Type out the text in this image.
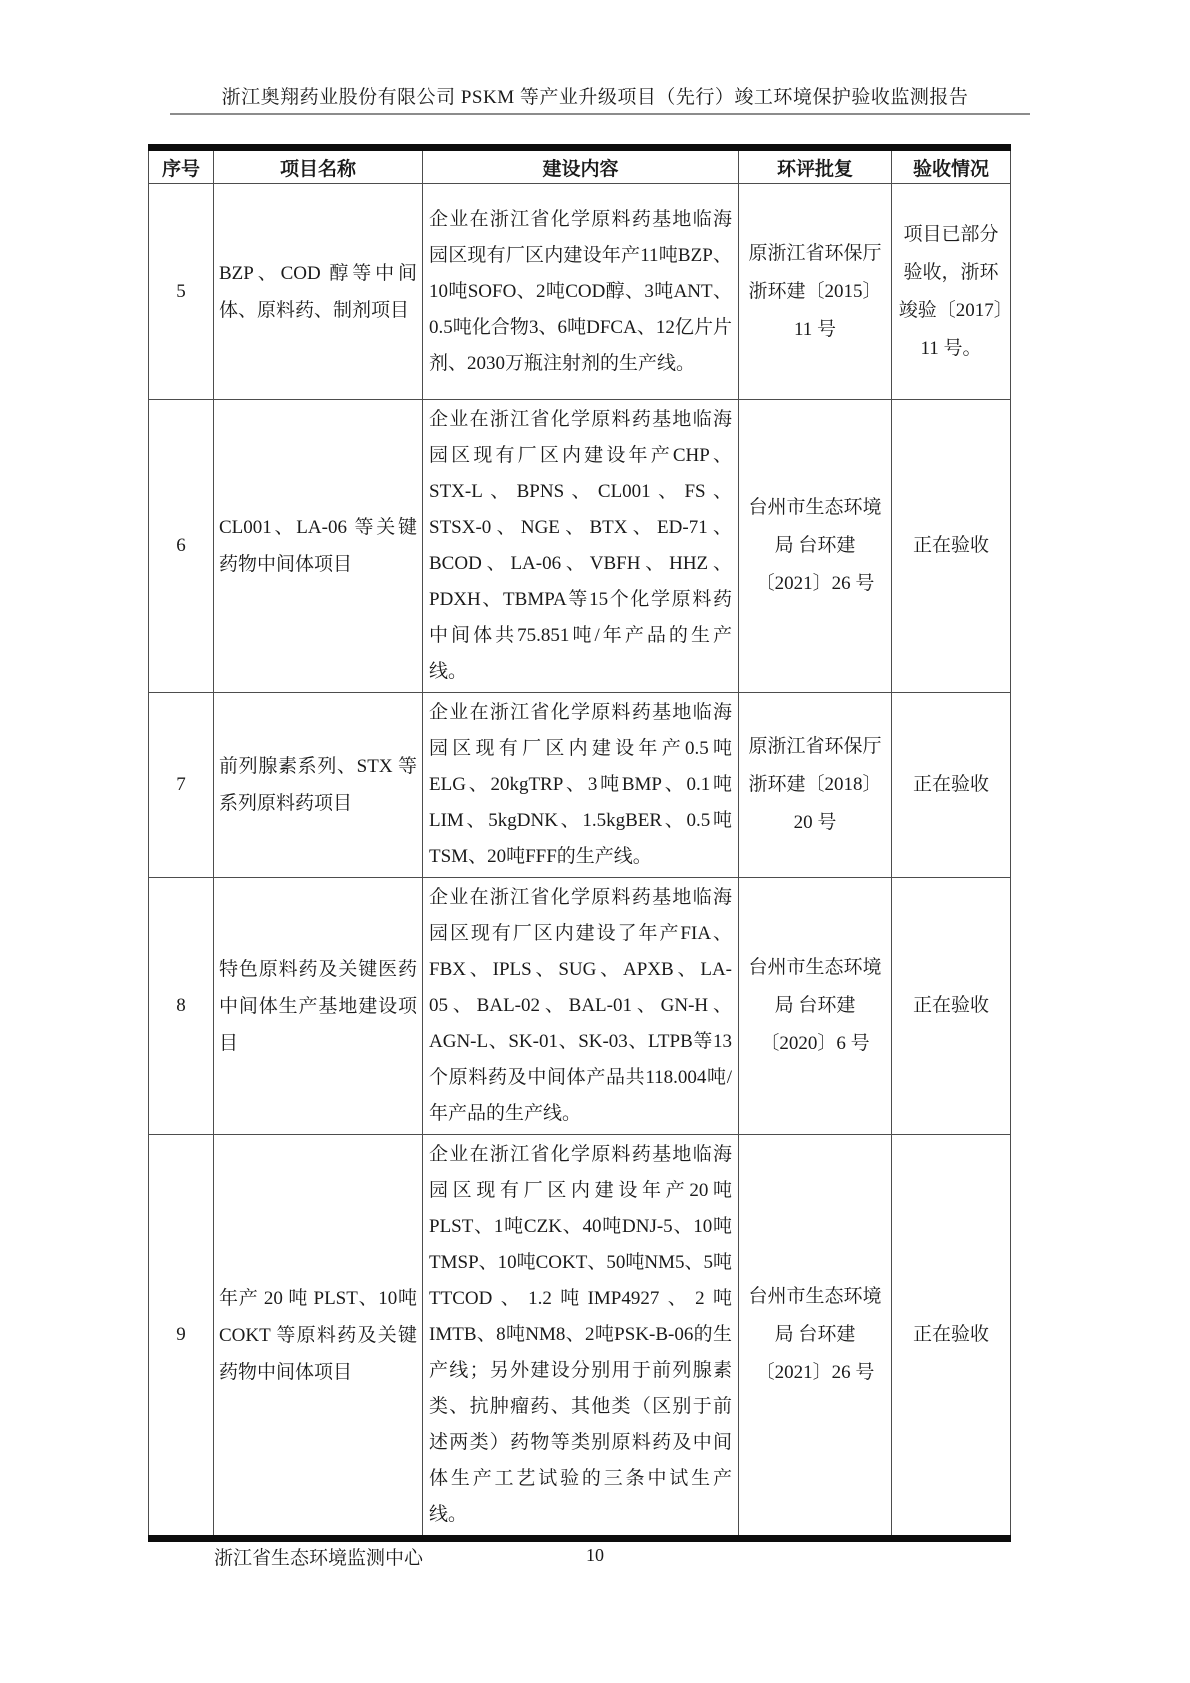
浙江奥翔药业股份有限公司 PSKM 等产业升级项目（先行）竣工环境保护验收监测报告
序号	项目名称	建设内容	环评批复	验收情况
5	BZP、COD 醇等中间体、原料药、制剂项目	企业在浙江省化学原料药基地临海园区现有厂区内建设年产11吨BZP、10吨SOFO、2吨COD醇、3吨ANT、0.5吨化合物3、6吨DFCA、12亿片片剂、2030万瓶注射剂的生产线。	原浙江省环保厅 浙环建〔2015〕11 号	项目已部分验收，浙环竣验〔2017〕11 号。
6	CL001、LA-06 等关键药物中间体项目	企业在浙江省化学原料药基地临海园区现有厂区内建设年产CHP、STX-L、BPNS、CL001、FS、STSX-0、NGE、BTX、ED-71、BCOD、LA-06、VBFH、HHZ、PDXH、TBMPA等15个化学原料药中间体共75.851吨/年产品的生产线。	台州市生态环境局 台环建〔2021〕26 号	正在验收
7	前列腺素系列、STX 等系列原料药项目	企业在浙江省化学原料药基地临海园区现有厂区内建设年产0.5吨ELG、20kgTRP、3吨BMP、0.1吨LIM、5kgDNK、1.5kgBER、0.5吨TSM、20吨FFF的生产线。	原浙江省环保厅 浙环建〔2018〕20 号	正在验收
8	特色原料药及关键医药中间体生产基地建设项目	企业在浙江省化学原料药基地临海园区现有厂区内建设了年产FIA、FBX、IPLS、SUG、APXB、LA-05、BAL-02、BAL-01、GN-H、AGN-L、SK-01、SK-03、LTPB等13个原料药及中间体产品共118.004吨/年产品的生产线。	台州市生态环境局 台环建〔2020〕6 号	正在验收
9	年产 20 吨 PLST、10吨 COKT 等原料药及关键药物中间体项目	企业在浙江省化学原料药基地临海园区现有厂区内建设年产20吨PLST、1吨CZK、40吨DNJ-5、10吨TMSP、10吨COKT、50吨NM5、5吨TTCOD、1.2吨IMP4927、2吨IMTB、8吨NM8、2吨PSK-B-06的生产线；另外建设分别用于前列腺素类、抗肿瘤药、其他类（区别于前述两类）药物等类别原料药及中间体生产工艺试验的三条中试生产线。	台州市生态环境局 台环建〔2021〕26 号	正在验收
浙江省生态环境监测中心	10
